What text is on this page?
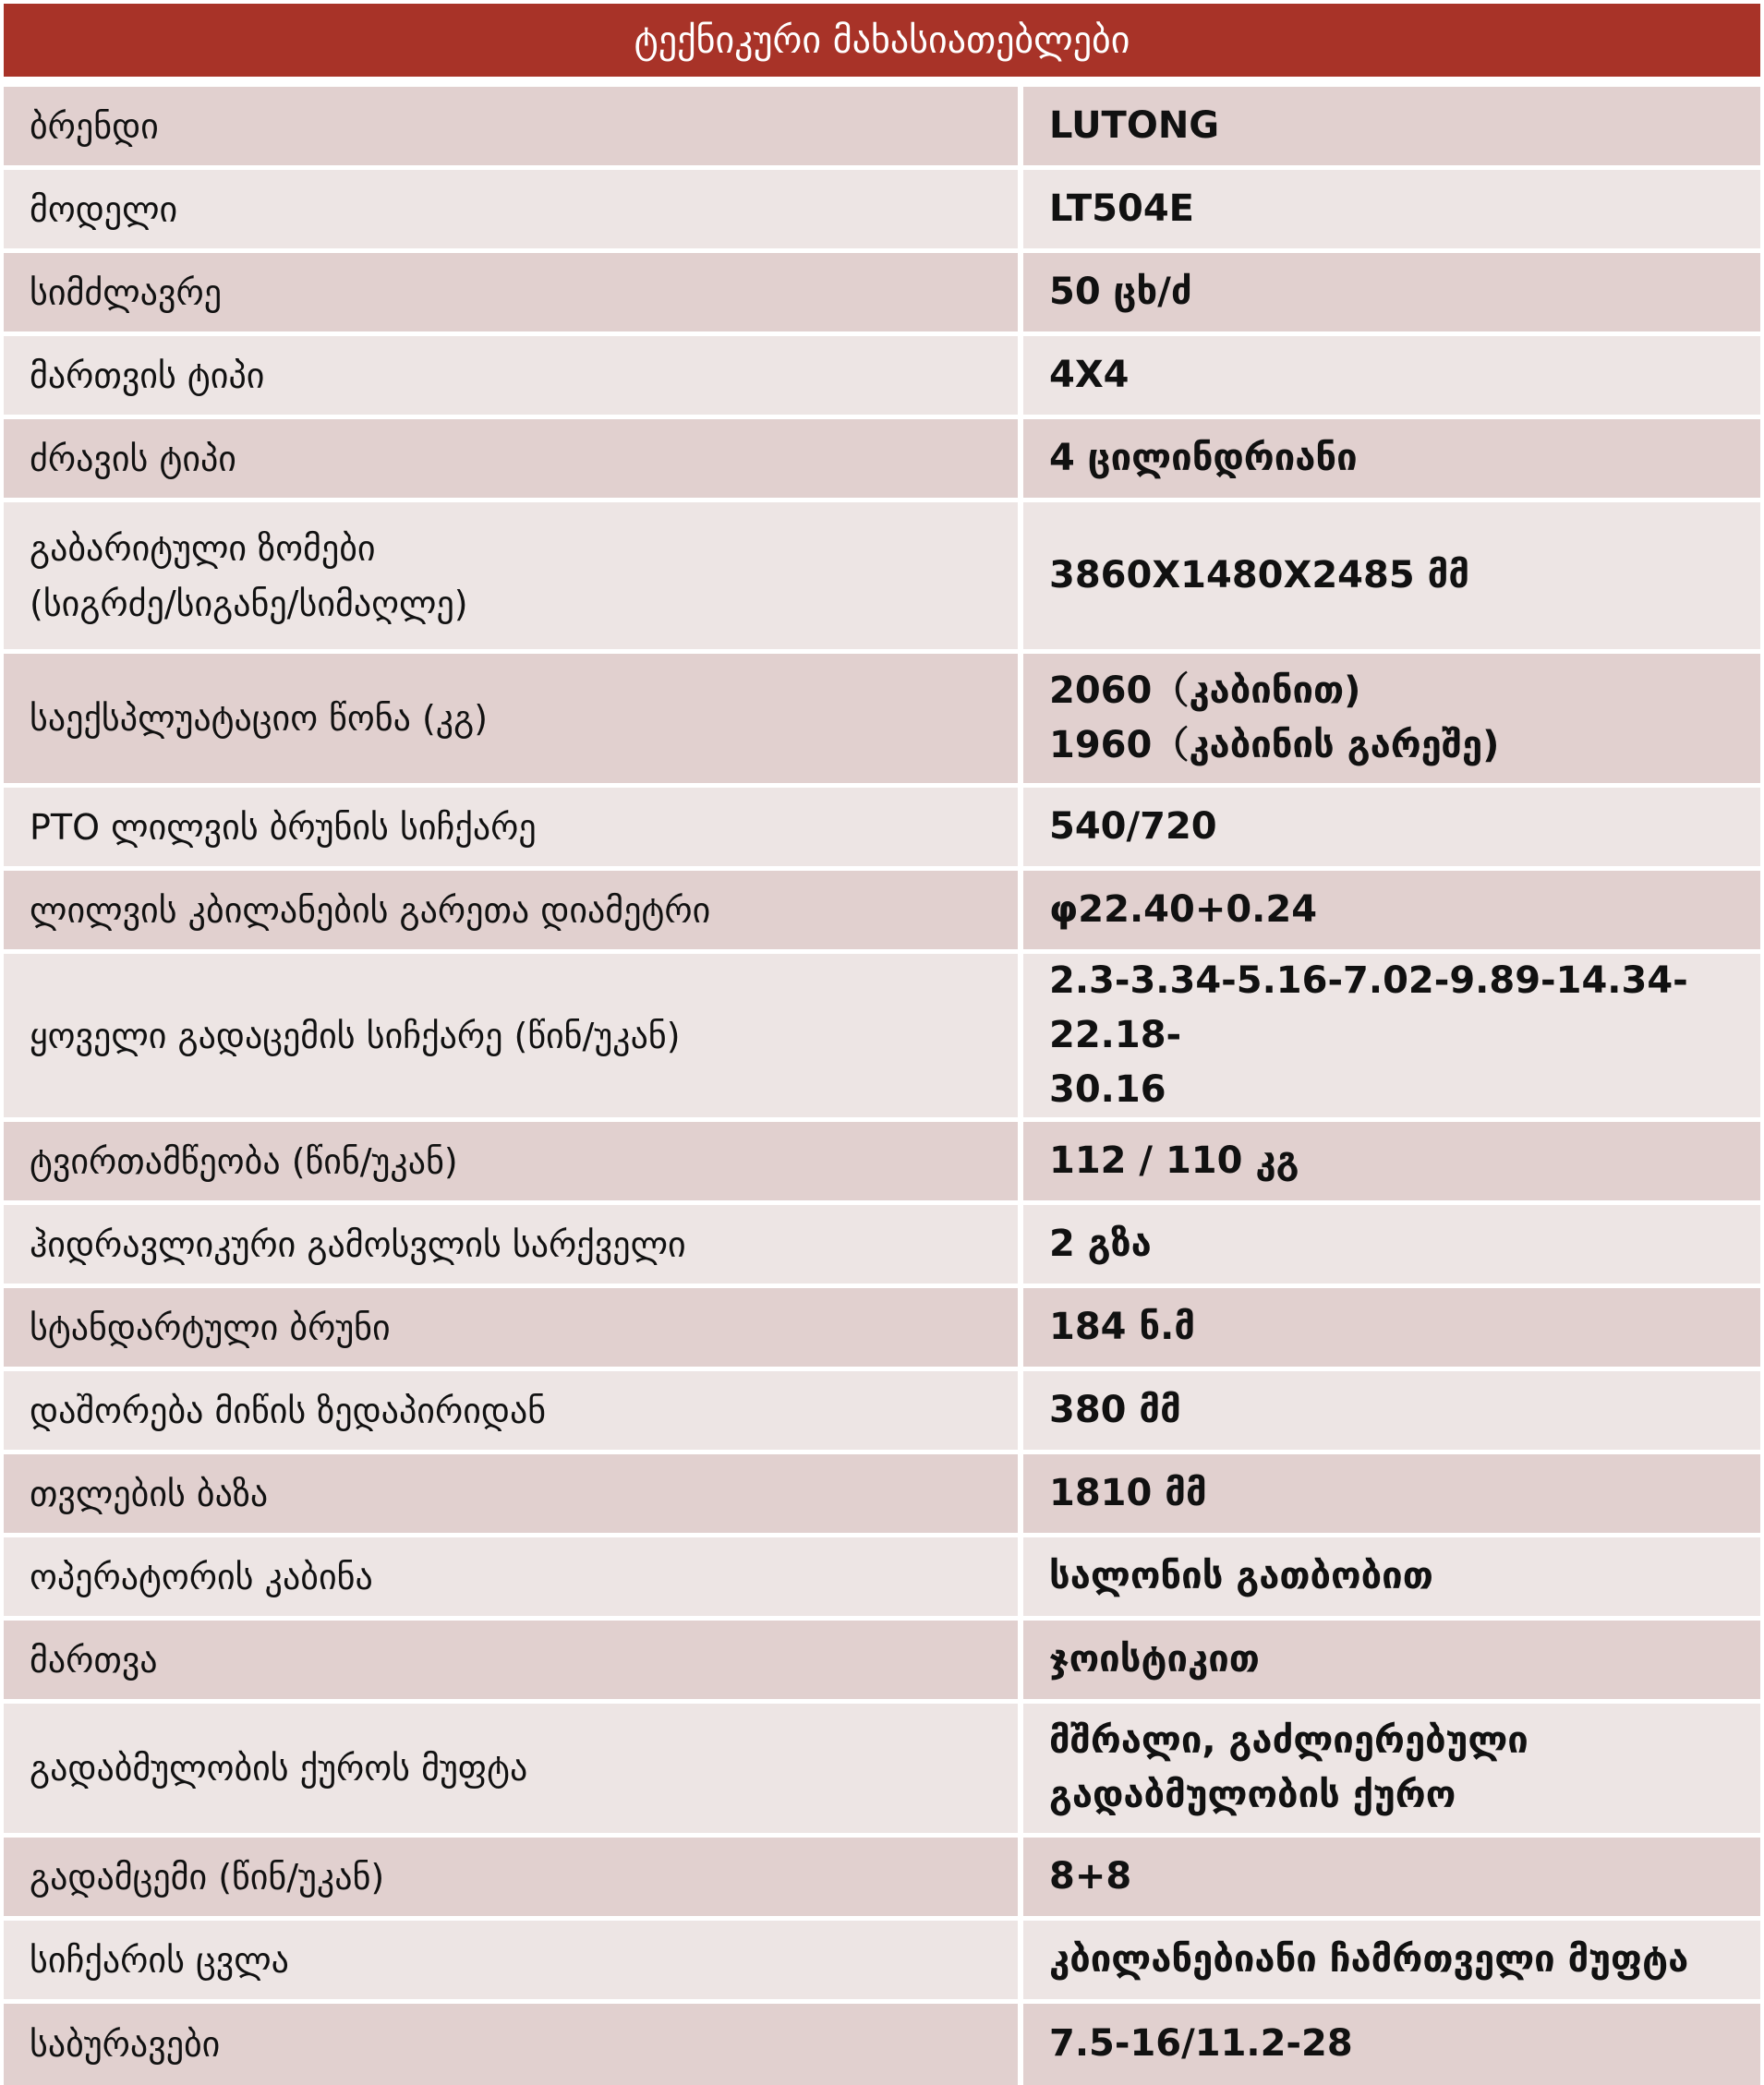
ტექნიკური მახასიათებლები
ბრენდი	LUTONG
მოდელი	LT504E
სიმძლავრე	50 ცხ/ძ
მართვის ტიპი	4X4
ძრავის ტიპი	4 ცილინდრიანი

გაბარიტული ზომები
(სიგრძე/სიგანე/სიმაღლე)	3860X1480X2485 მმ
საექსპლუატაციო წონა (კგ)	2060（კაბინით)
1960（კაბინის გარეშე)

PTO ლილვის ბრუნის სიჩქარე	540/720
ლილვის კბილანების გარეთა დიამეტრი	φ22.40+0.24
ყოველი გადაცემის სიჩქარე (წინ/უკან)	2.3-3.34-5.16-7.02-9.89-14.34-22.18-
30.16

ტვირთამწეობა (წინ/უკან)	112 / 110 კგ
ჰიდრავლიკური გამოსვლის სარქველი	2 გზა
სტანდარტული ბრუნი	184 ნ.მ
დაშორება მიწის ზედაპირიდან	380 მმ
თვლების ბაზა	1810 მმ
ოპერატორის კაბინა	სალონის გათბობით
მართვა	ჯოისტიკით
გადაბმულობის ქუროს მუფტა	მშრალი, გაძლიერებული
გადაბმულობის ქურო

გადამცემი (წინ/უკან)	8+8
სიჩქარის ცვლა	კბილანებიანი ჩამრთველი მუფტა
საბურავები	7.5-16/11.2-28
